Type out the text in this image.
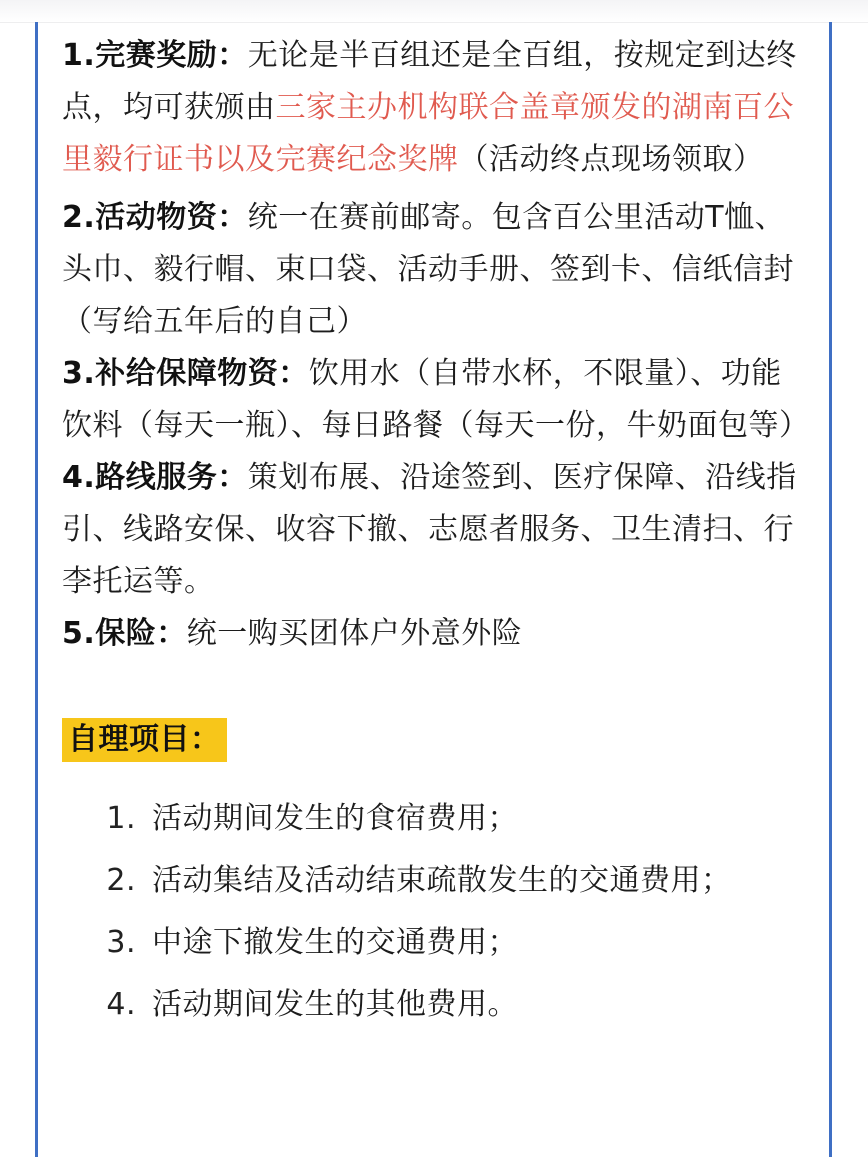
1.完赛奖励：无论是半百组还是全百组，按规定到达终点，均可获颁由三家主办机构联合盖章颁发的湖南百公里毅行证书以及完赛纪念奖牌（活动终点现场领取）

2.活动物资：统一在赛前邮寄。包含百公里活动T恤、头巾、毅行帽、束口袋、活动手册、签到卡、信纸信封（写给五年后的自己）

3.补给保障物资：饮用水（自带水杯，不限量）、功能饮料（每天一瓶）、每日路餐（每天一份，牛奶面包等）

4.路线服务：策划布展、沿途签到、医疗保障、沿线指引、线路安保、收容下撤、志愿者服务、卫生清扫、行李托运等。

5.保险：统一购买团体户外意外险

自理项目：
1. 活动期间发生的食宿费用；
2. 活动集结及活动结束疏散发生的交通费用；
3. 中途下撤发生的交通费用；
4. 活动期间发生的其他费用。
